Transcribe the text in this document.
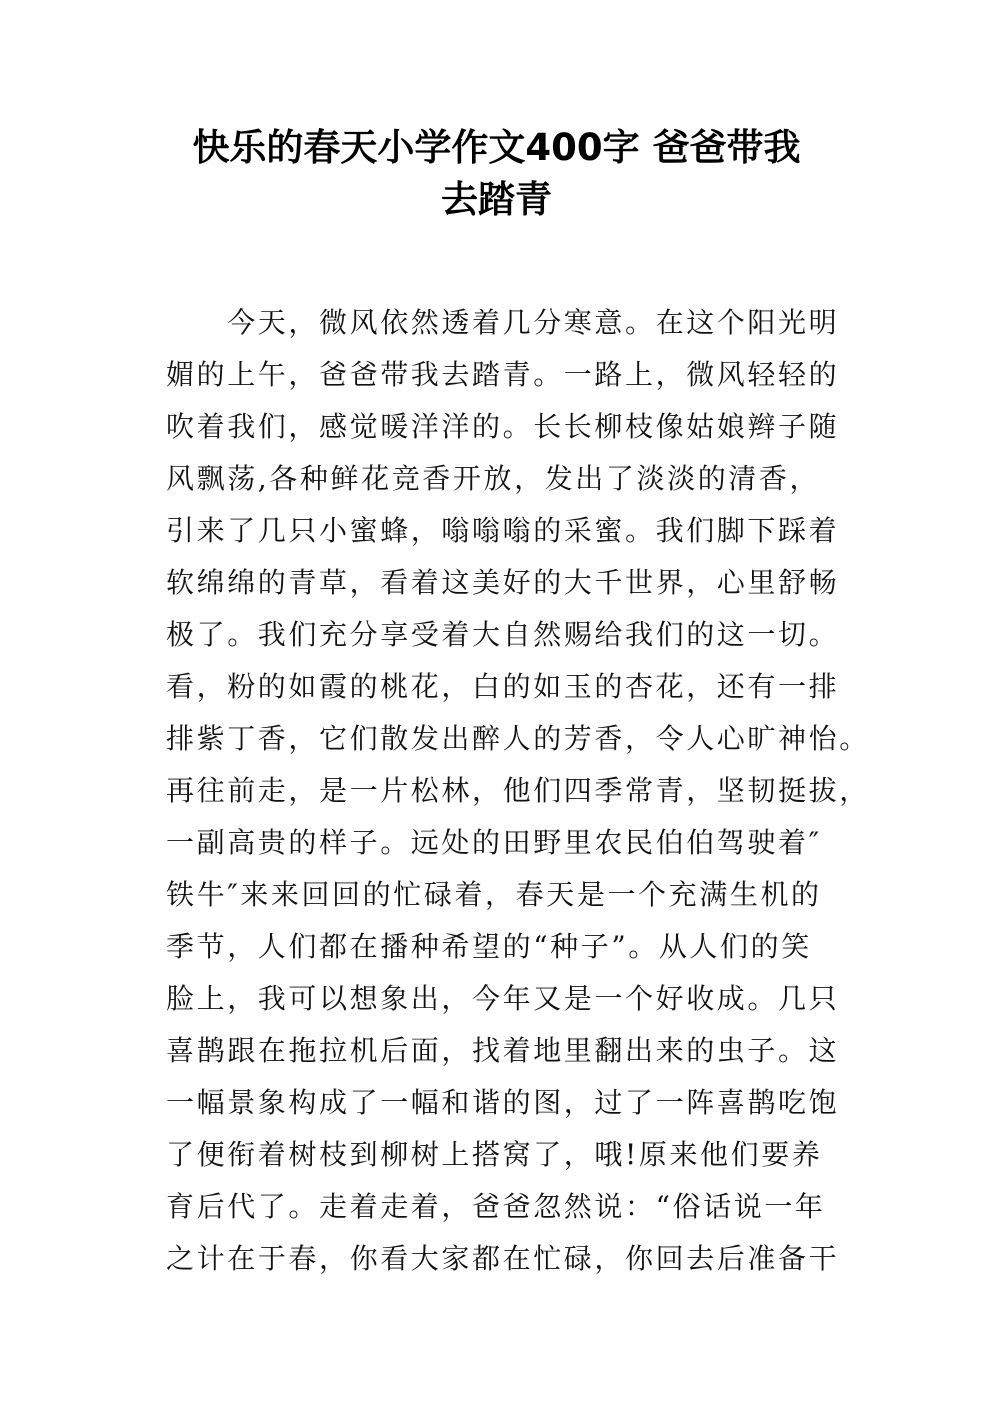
快乐的春天小学作文400字 爸爸带我
去踏青
　　今天，微风依然透着几分寒意。在这个阳光明
媚的上午，爸爸带我去踏青。一路上，微风轻轻的
吹着我们，感觉暖洋洋的。长长柳枝像姑娘辫子随
风飘荡,各种鲜花竞香开放，发出了淡淡的清香，
引来了几只小蜜蜂，嗡嗡嗡的采蜜。我们脚下踩着
软绵绵的青草，看着这美好的大千世界，心里舒畅
极了。我们充分享受着大自然赐给我们的这一切。
看，粉的如霞的桃花，白的如玉的杏花，还有一排
排紫丁香，它们散发出醉人的芳香，令人心旷神怡。
再往前走，是一片松林，他们四季常青，坚韧挺拔，
一副高贵的样子。远处的田野里农民伯伯驾驶着″
铁牛″来来回回的忙碌着，春天是一个充满生机的
季节，人们都在播种希望的“种子”。从人们的笑
脸上，我可以想象出，今年又是一个好收成。几只
喜鹊跟在拖拉机后面，找着地里翻出来的虫子。这
一幅景象构成了一幅和谐的图，过了一阵喜鹊吃饱
了便衔着树枝到柳树上搭窝了，哦!原来他们要养
育后代了。走着走着，爸爸忽然说：“俗话说一年
之计在于春，你看大家都在忙碌，你回去后准备干
